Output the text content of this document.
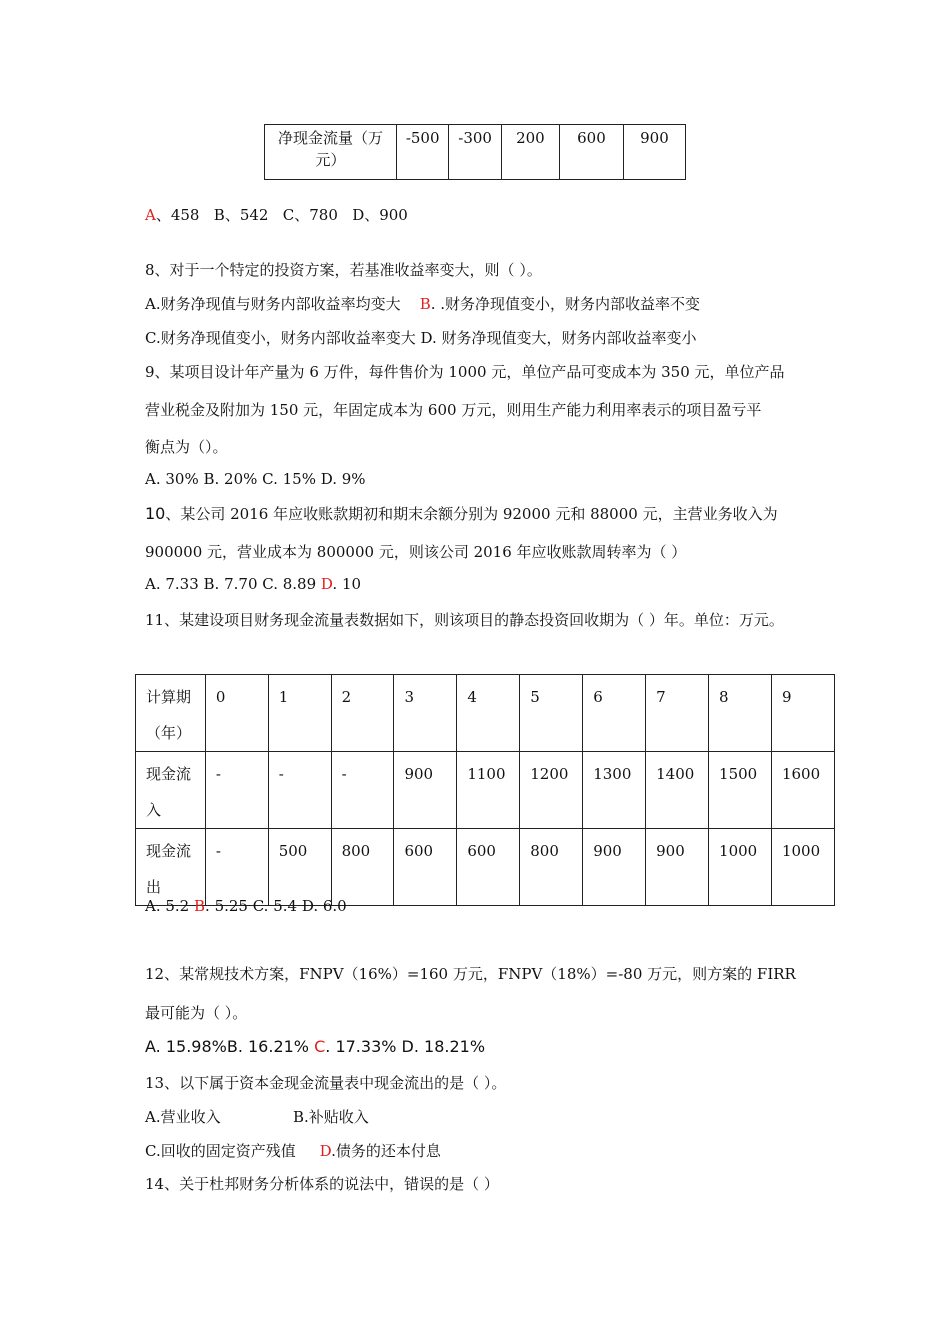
净现金流量（万
元）
	-500	-300	200	600	900
A、458 B、542 C、780 D、900
8、对于一个特定的投资方案，若基准收益率变大，则（ ）。
A.财务净现值与财务内部收益率均变大 B. .财务净现值变小，财务内部收益率不变
C.财务净现值变小，财务内部收益率变大 D. 财务净现值变大，财务内部收益率变小
9、某项目设计年产量为 6 万件，每件售价为 1000 元，单位产品可变成本为 350 元，单位产品
营业税金及附加为 150 元，年固定成本为 600 万元，则用生产能力利用率表示的项目盈亏平
衡点为（）。
A. 30% B. 20% C. 15% D. 9%
10、某公司 2016 年应收账款期初和期末余额分别为 92000 元和 88000 元，主营业务收入为
900000 元，营业成本为 800000 元，则该公司 2016 年应收账款周转率为（ ）
A. 7.33 B. 7.70 C. 8.89 D. 10
11、某建设项目财务现金流量表数据如下，则该项目的静态投资回收期为（ ）年。单位：万元。
计算期
（年）	0	1	2	3	4	5	6	7	8	9

现金流
入	-	-	-	900	1100	1200	1300	1400	1500	1600

现金流
出	-	500	800	600	600	800	900	900	1000	1000
A. 5.2 B. 5.25 C. 5.4 D. 6.0
12、某常规技术方案，FNPV（16%）=160 万元，FNPV（18%）=-80 万元，则方案的 FIRR
最可能为（ ）。
A. 15.98%B. 16.21% C. 17.33% D. 18.21%
13、以下属于资本金现金流量表中现金流出的是（ ）。
A.营业收入	B.补贴收入
C.回收的固定资产残值 D.债务的还本付息
14、关于杜邦财务分析体系的说法中，错误的是（ ）
